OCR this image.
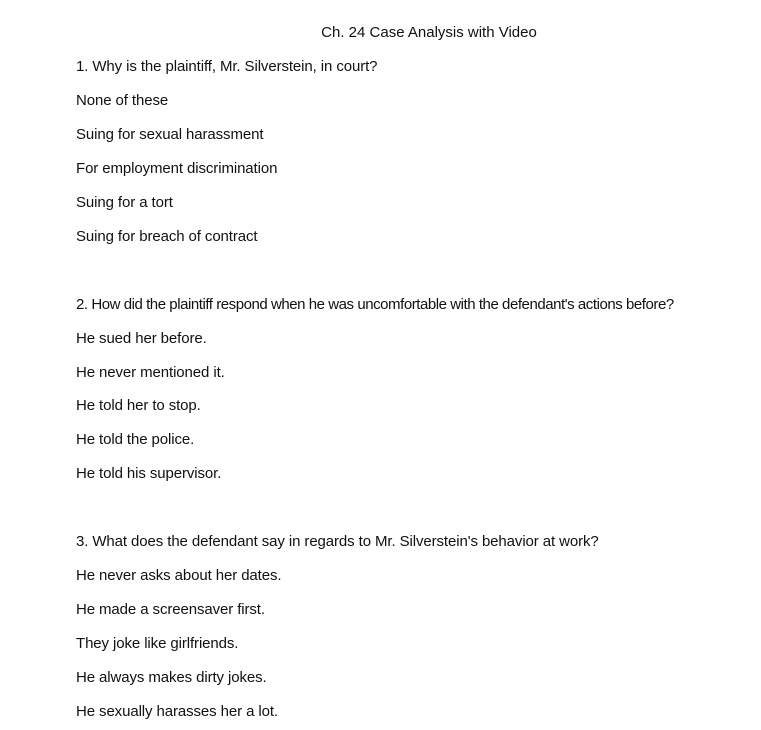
Ch. 24 Case Analysis with Video
1. Why is the plaintiff, Mr. Silverstein, in court?
None of these
Suing for sexual harassment
For employment discrimination
Suing for a tort
Suing for breach of contract
2. How did the plaintiff respond when he was uncomfortable with the defendant's actions before?
He sued her before.
He never mentioned it.
He told her to stop.
He told the police.
He told his supervisor.
3. What does the defendant say in regards to Mr. Silverstein's behavior at work?
He never asks about her dates.
He made a screensaver first.
They joke like girlfriends.
He always makes dirty jokes.
He sexually harasses her a lot.
